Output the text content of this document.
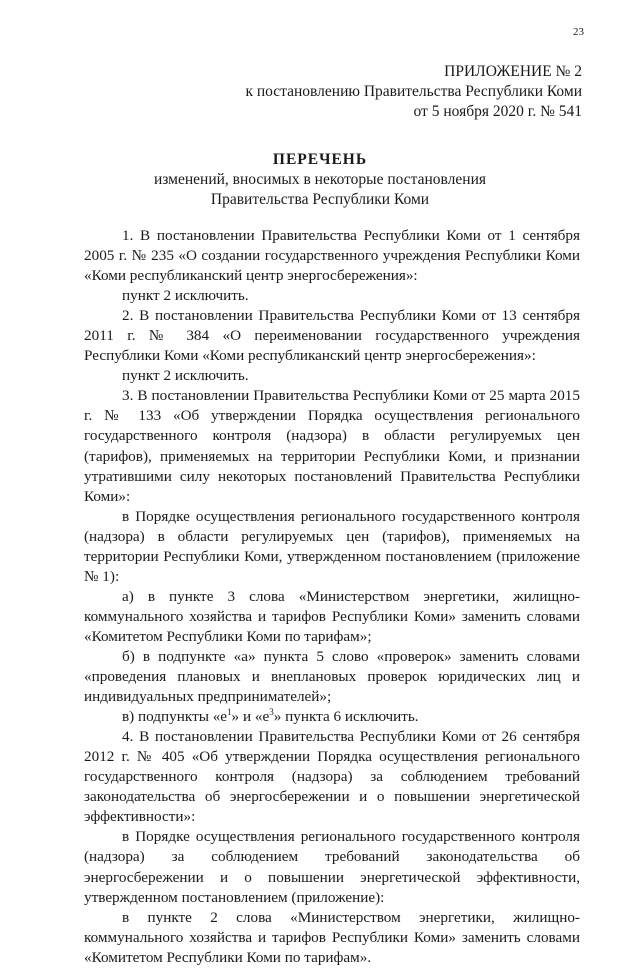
23
ПРИЛОЖЕНИЕ № 2
к постановлению Правительства Республики Коми
от 5 ноября 2020 г. № 541
ПЕРЕЧЕНЬ
изменений, вносимых в некоторые постановления
Правительства Республики Коми

1. В постановлении Правительства Республики Коми от 1 сентября 2005 г. № 235 «О создании государственного учреждения Республики Коми «Коми республиканский центр энергосбережения»:

пункт 2 исключить.

2. В постановлении Правительства Республики Коми от 13 сентября 2011 г. № 384 «О переименовании государственного учреждения Республики Коми «Коми республиканский центр энергосбережения»:

пункт 2 исключить.

3. В постановлении Правительства Республики Коми от 25 марта 2015 г. № 133 «Об утверждении Порядка осуществления регионального государственного контроля (надзора) в области регулируемых цен (тарифов), применяемых на территории Республики Коми, и признании утратившими силу некоторых постановлений Правительства Республики Коми»:

в Порядке осуществления регионального государственного контроля (надзора) в области регулируемых цен (тарифов), применяемых на территории Республики Коми, утвержденном постановлением (приложение № 1):

а) в пункте 3 слова «Министерством энергетики, жилищно-коммунального хозяйства и тарифов Республики Коми» заменить словами «Комитетом Республики Коми по тарифам»;

б) в подпункте «а» пункта 5 слово «проверок» заменить словами «проведения плановых и внеплановых проверок юридических лиц и индивидуальных предпринимателей»;

в) подпункты «$е^1$» и «$е^3$» пункта 6 исключить.

4. В постановлении Правительства Республики Коми от 26 сентября 2012 г. № 405 «Об утверждении Порядка осуществления регионального государственного контроля (надзора) за соблюдением требований законодательства об энергосбережении и о повышении энергетической эффективности»:

в Порядке осуществления регионального государственного контроля (надзора) за соблюдением требований законодательства об энергосбережении и о повышении энергетической эффективности, утвержденном постановлением (приложение):

в пункте 2 слова «Министерством энергетики, жилищно-коммунального хозяйства и тарифов Республики Коми» заменить словами «Комитетом Республики Коми по тарифам».
